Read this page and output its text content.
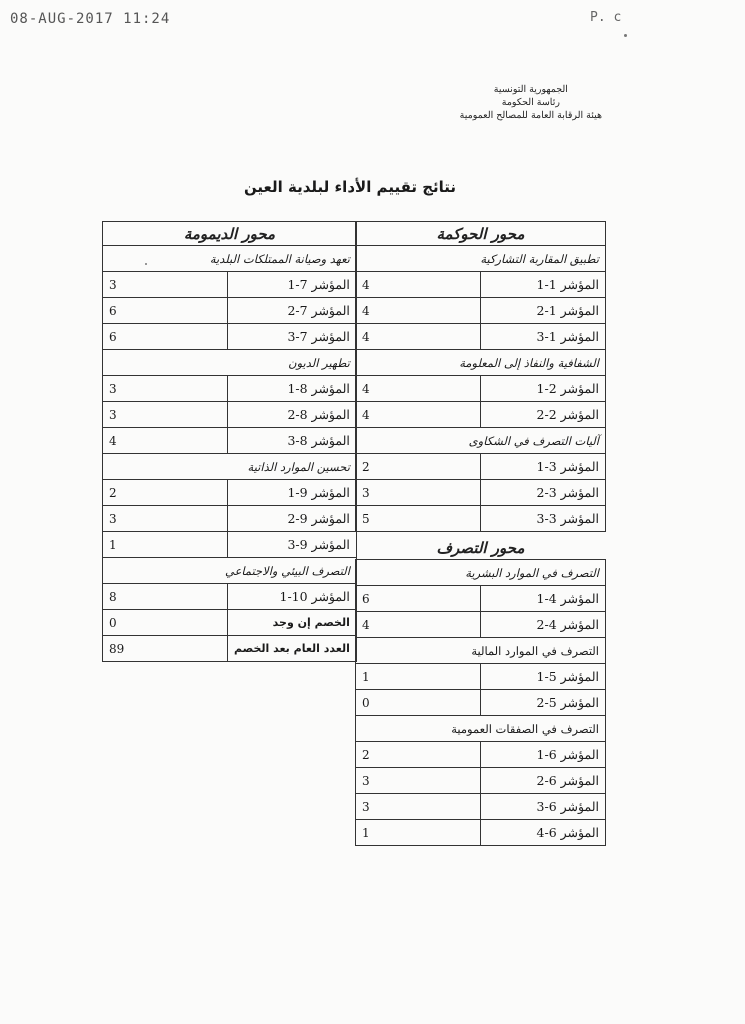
08-AUG-2017 11:24	P. c
الجمهورية التونسية
رئاسة الحكومة
هيئة الرقابة العامة للمصالح العمومية
نتائج تقييم الأداء لبلدية العين
محور الحوكمة	
تطبيق المقاربة التشاركية	
4	المؤشر 1-1
4	المؤشر 1-2
4	المؤشر 1-3
الشفافية والنفاذ إلى المعلومة	
4	المؤشر 2-1
4	المؤشر 2-2
آليات التصرف في الشكاوى	
2	المؤشر 3-1
3	المؤشر 3-2
5	المؤشر 3-3
محور التصرف	
التصرف في الموارد البشرية	
6	المؤشر 4-1
4	المؤشر 4-2
التصرف في الموارد المالية	
1	المؤشر 5-1
0	المؤشر 5-2
التصرف في الصفقات العمومية	
2	المؤشر 6-1
3	المؤشر 6-2
3	المؤشر 6-3
1	المؤشر 6-4
محور الديمومة	
تعهد وصيانة الممتلكات البلدية	
3	المؤشر 7-1
6	المؤشر 7-2
6	المؤشر 7-3
تطهير الديون	
3	المؤشر 8-1
3	المؤشر 8-2
4	المؤشر 8-3
تحسين الموارد الذاتية	
2	المؤشر 9-1
3	المؤشر 9-2
1	المؤشر 9-3
التصرف البيئي والاجتماعي	
8	المؤشر 10-1
0	الخصم إن وجد
89	العدد العام بعد الخصم
